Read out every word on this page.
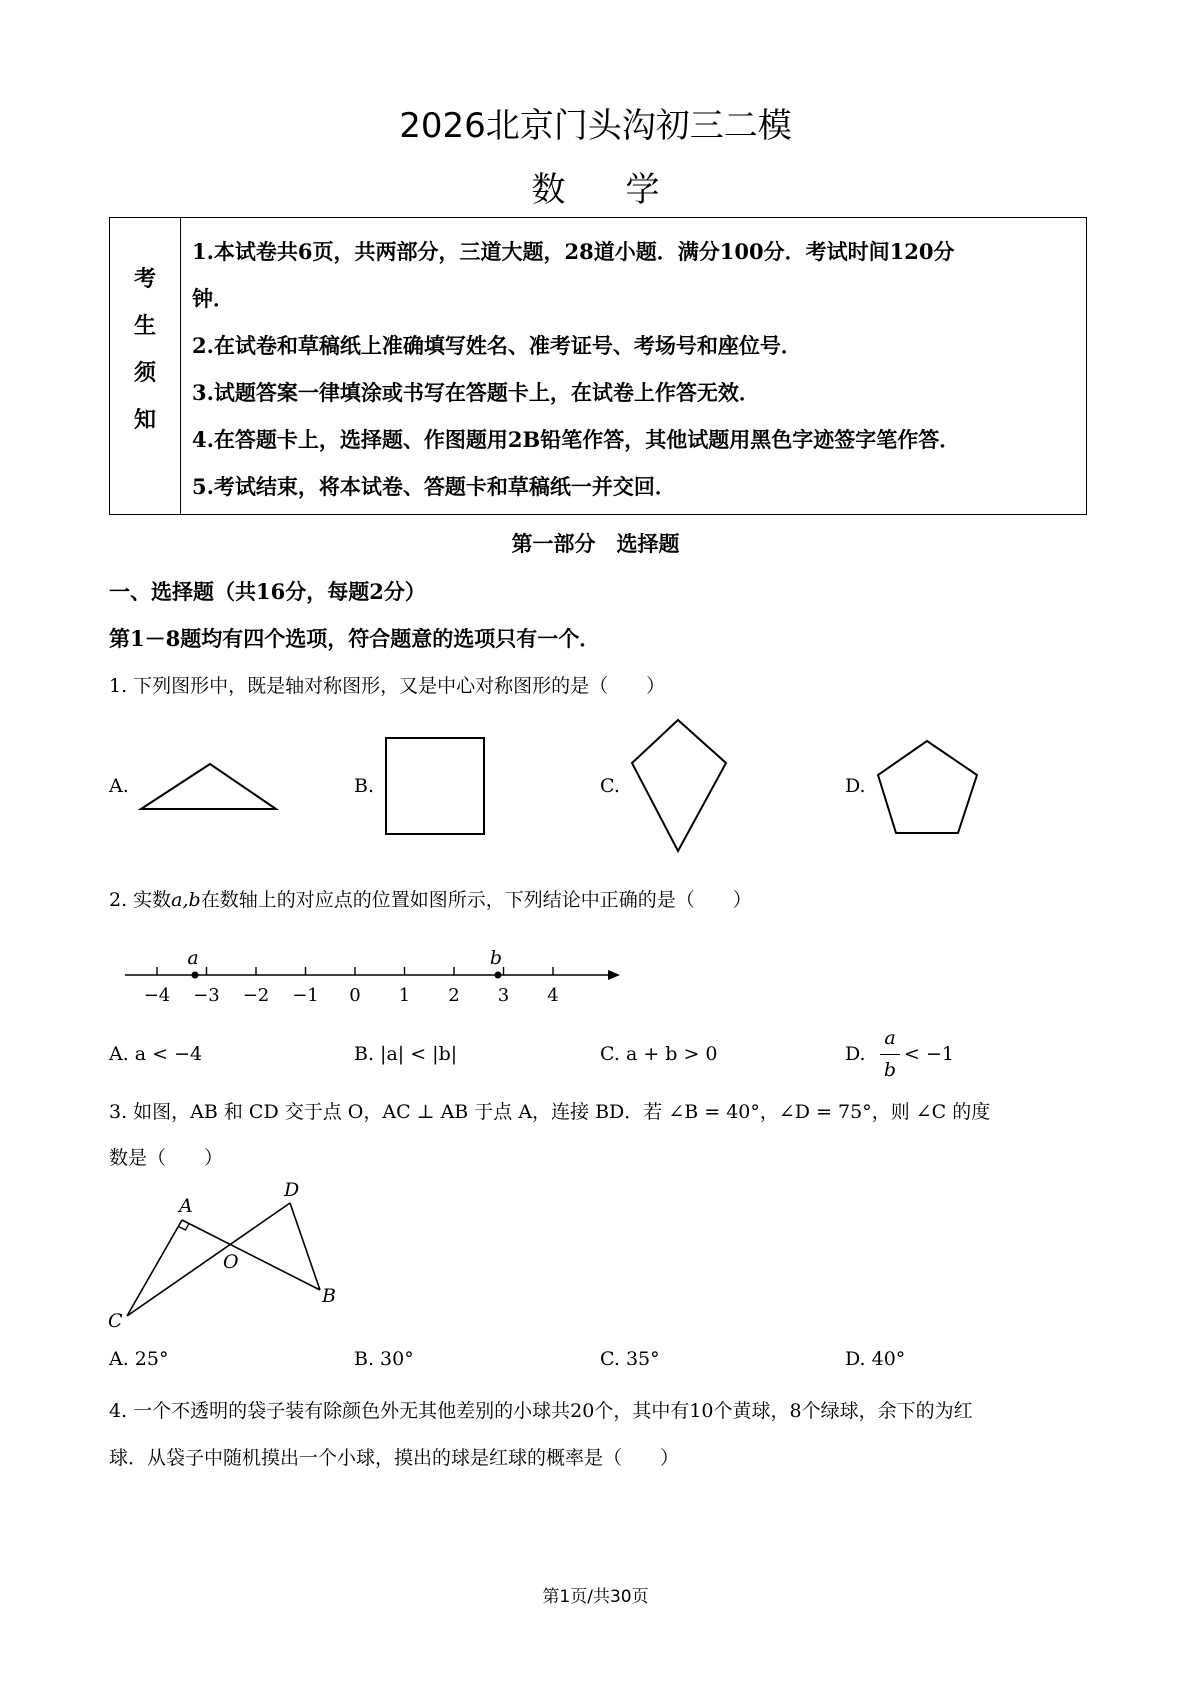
2026北京门头沟初三二模
数学
考
生
须
知
1.本试卷共6页，共两部分，三道大题，28道小题．满分100分．考试时间120分
钟．
2.在试卷和草稿纸上准确填写姓名、准考证号、考场号和座位号．
3.试题答案一律填涂或书写在答题卡上，在试卷上作答无效．
4.在答题卡上，选择题、作图题用2B铅笔作答，其他试题用黑色字迹签字笔作答．
5.考试结束，将本试卷、答题卡和草稿纸一并交回．
第一部分　选择题
一、选择题（共16分，每题2分）
第1－8题均有四个选项，符合题意的选项只有一个．
1. 下列图形中，既是轴对称图形，又是中心对称图形的是（　　）
A.	B.	C.	D.
2. 实数a,b在数轴上的对应点的位置如图所示，下列结论中正确的是（　　）
−4 −3 −2 −1 0 1 2 3 4
a	b
A. a < −4	B. |a| < |b|	C. a + b > 0	D.
a
b
< −1
3. 如图，AB 和 CD 交于点 O，AC ⊥ AB 于点 A，连接 BD．若 ∠B = 40°，∠D = 75°，则 ∠C 的度
数是（　　）
A
D
O
B
C
A. 25°	B. 30°	C. 35°	D. 40°
4. 一个不透明的袋子装有除颜色外无其他差别的小球共20个，其中有10个黄球，8个绿球，余下的为红
球．从袋子中随机摸出一个小球，摸出的球是红球的概率是（　　）
第1页/共30页
